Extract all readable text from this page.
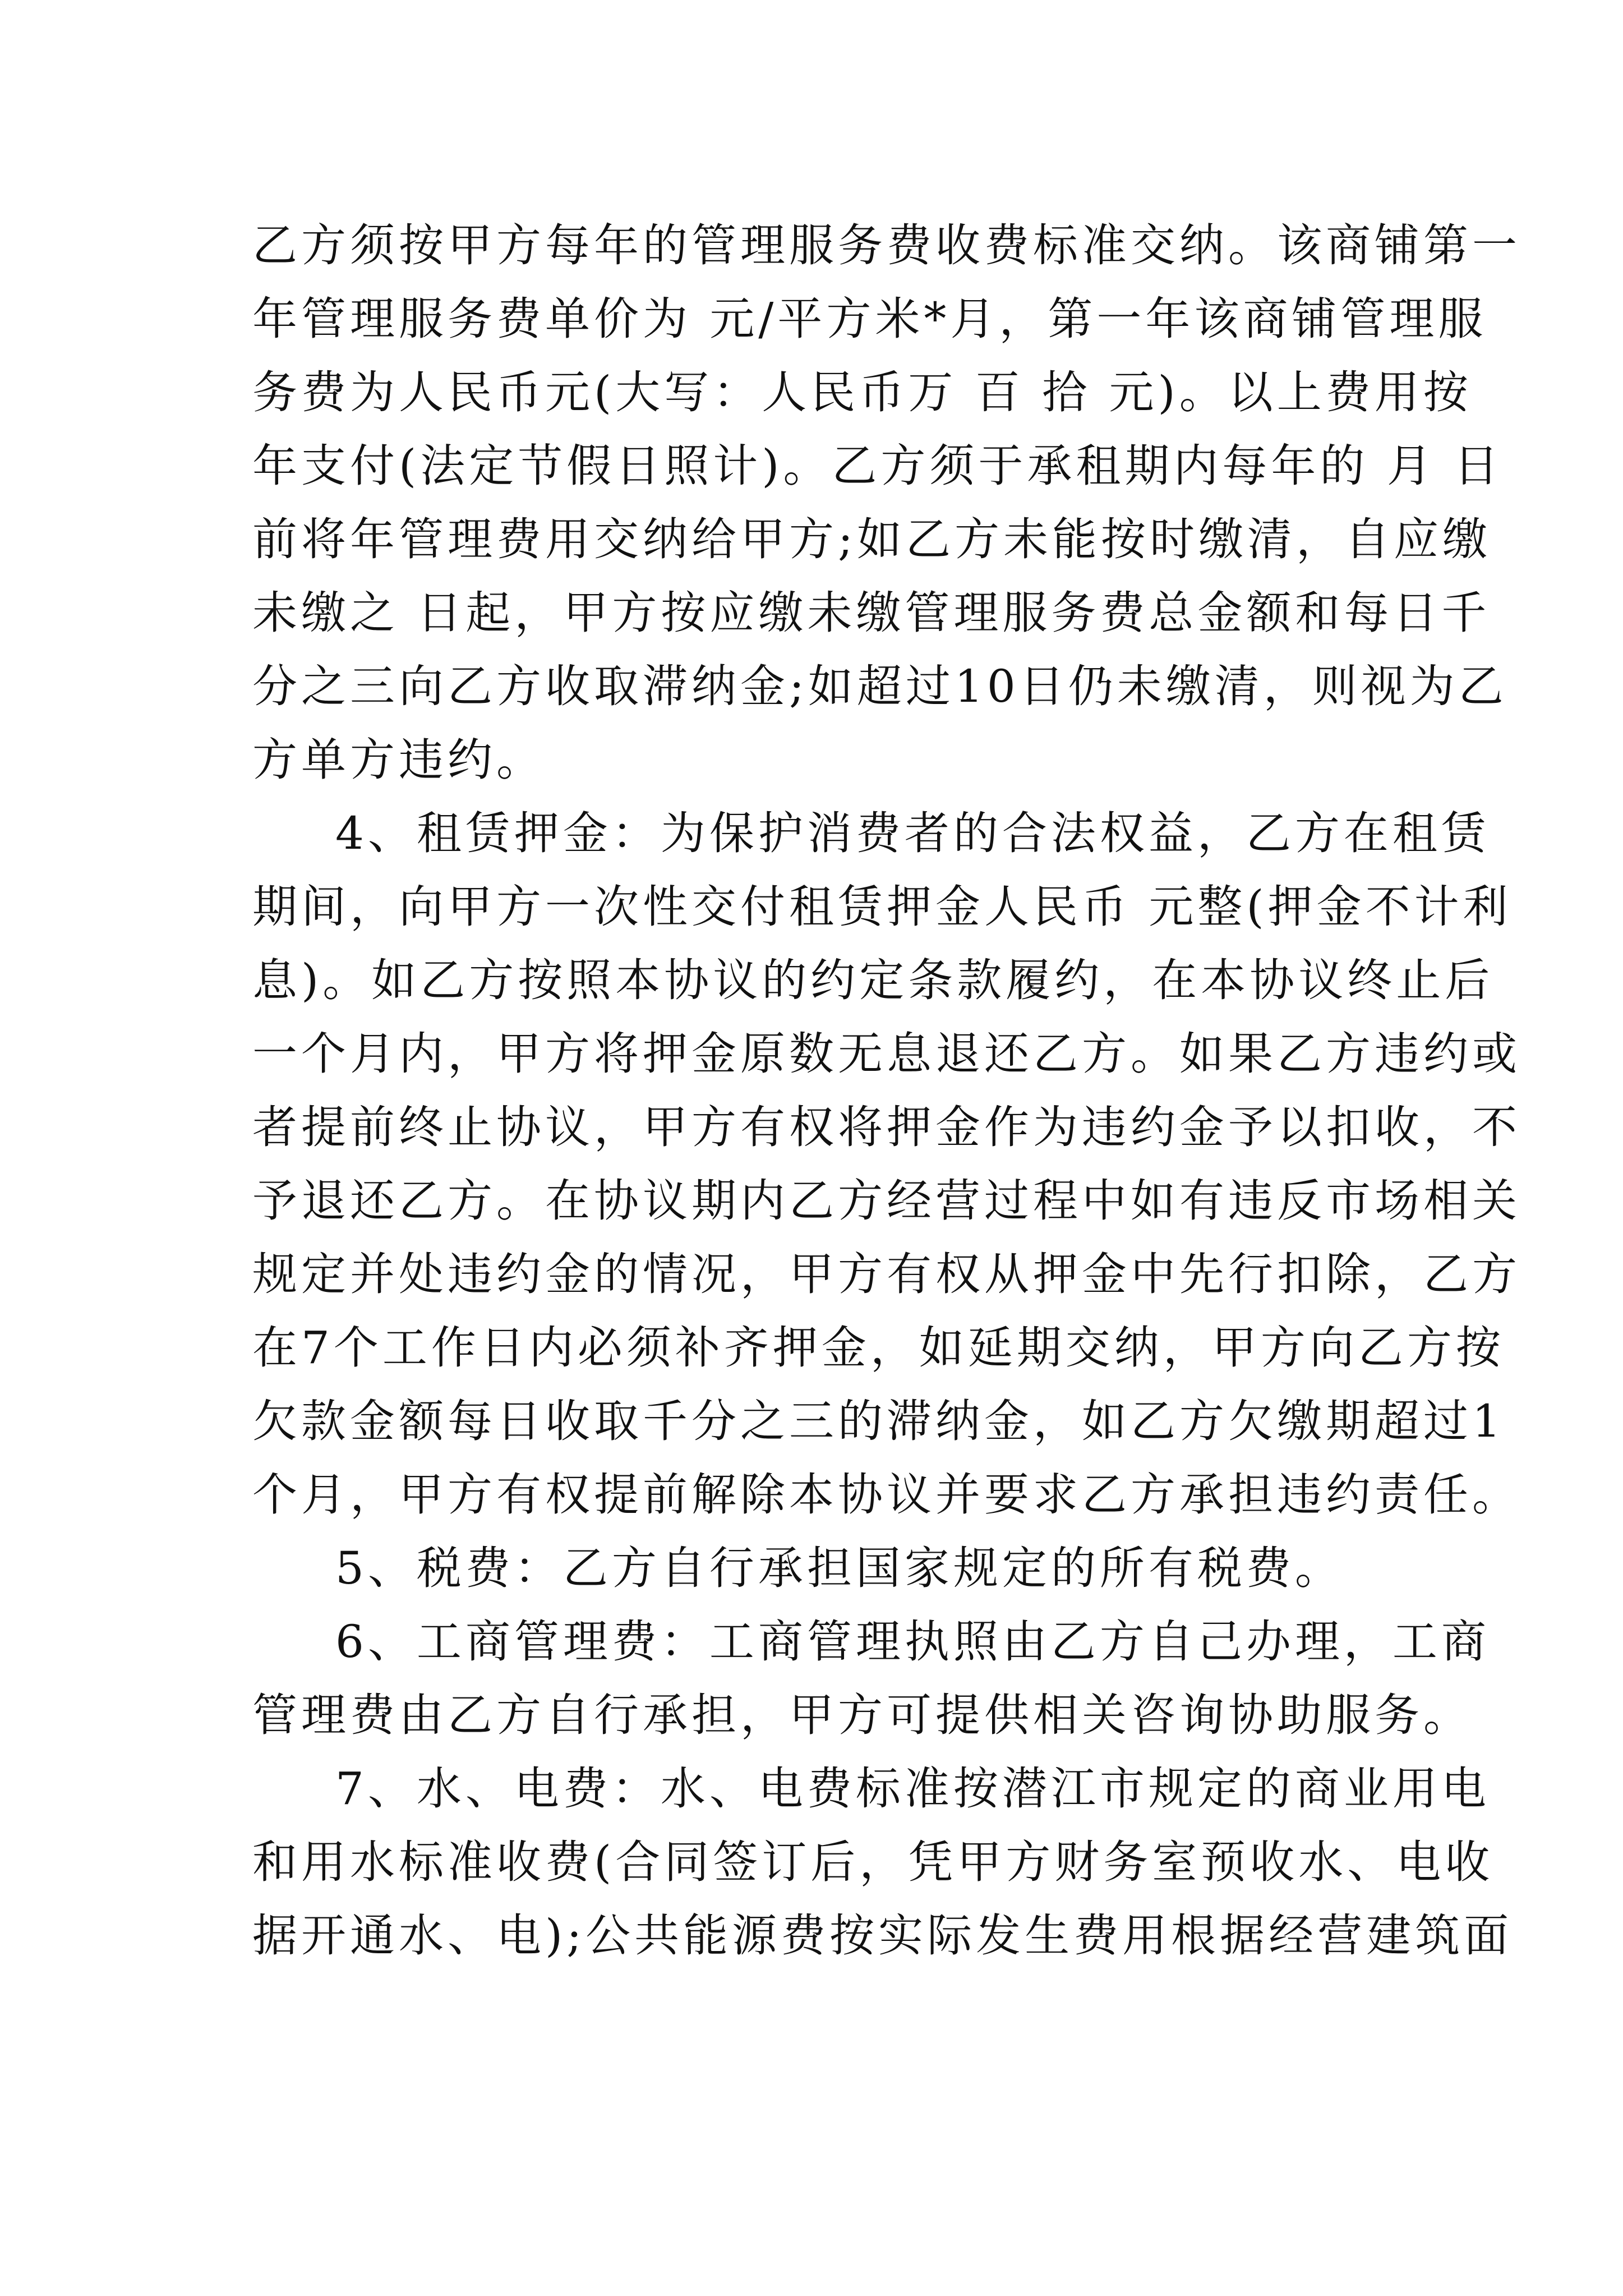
乙方须按甲方每年的管理服务费收费标准交纳。该商铺第一

年管理服务费单价为 元/平方米*月，第一年该商铺管理服

务费为人民币元(大写：人民币万 百 拾 元)。以上费用按

年支付(法定节假日照计)。乙方须于承租期内每年的 月 日

前将年管理费用交纳给甲方;如乙方未能按时缴清，自应缴

未缴之 日起，甲方按应缴未缴管理服务费总金额和每日千

分之三向乙方收取滞纳金;如超过10日仍未缴清，则视为乙

方单方违约。

4、租赁押金：为保护消费者的合法权益，乙方在租赁

期间，向甲方一次性交付租赁押金人民币 元整(押金不计利

息)。如乙方按照本协议的约定条款履约，在本协议终止后

一个月内，甲方将押金原数无息退还乙方。如果乙方违约或

者提前终止协议，甲方有权将押金作为违约金予以扣收，不

予退还乙方。在协议期内乙方经营过程中如有违反市场相关

规定并处违约金的情况，甲方有权从押金中先行扣除，乙方

在7个工作日内必须补齐押金，如延期交纳，甲方向乙方按

欠款金额每日收取千分之三的滞纳金，如乙方欠缴期超过1

个月，甲方有权提前解除本协议并要求乙方承担违约责任。

5、税费：乙方自行承担国家规定的所有税费。

6、工商管理费：工商管理执照由乙方自己办理，工商

管理费由乙方自行承担，甲方可提供相关咨询协助服务。

7、水、电费：水、电费标准按潜江市规定的商业用电

和用水标准收费(合同签订后，凭甲方财务室预收水、电收

据开通水、电);公共能源费按实际发生费用根据经营建筑面
